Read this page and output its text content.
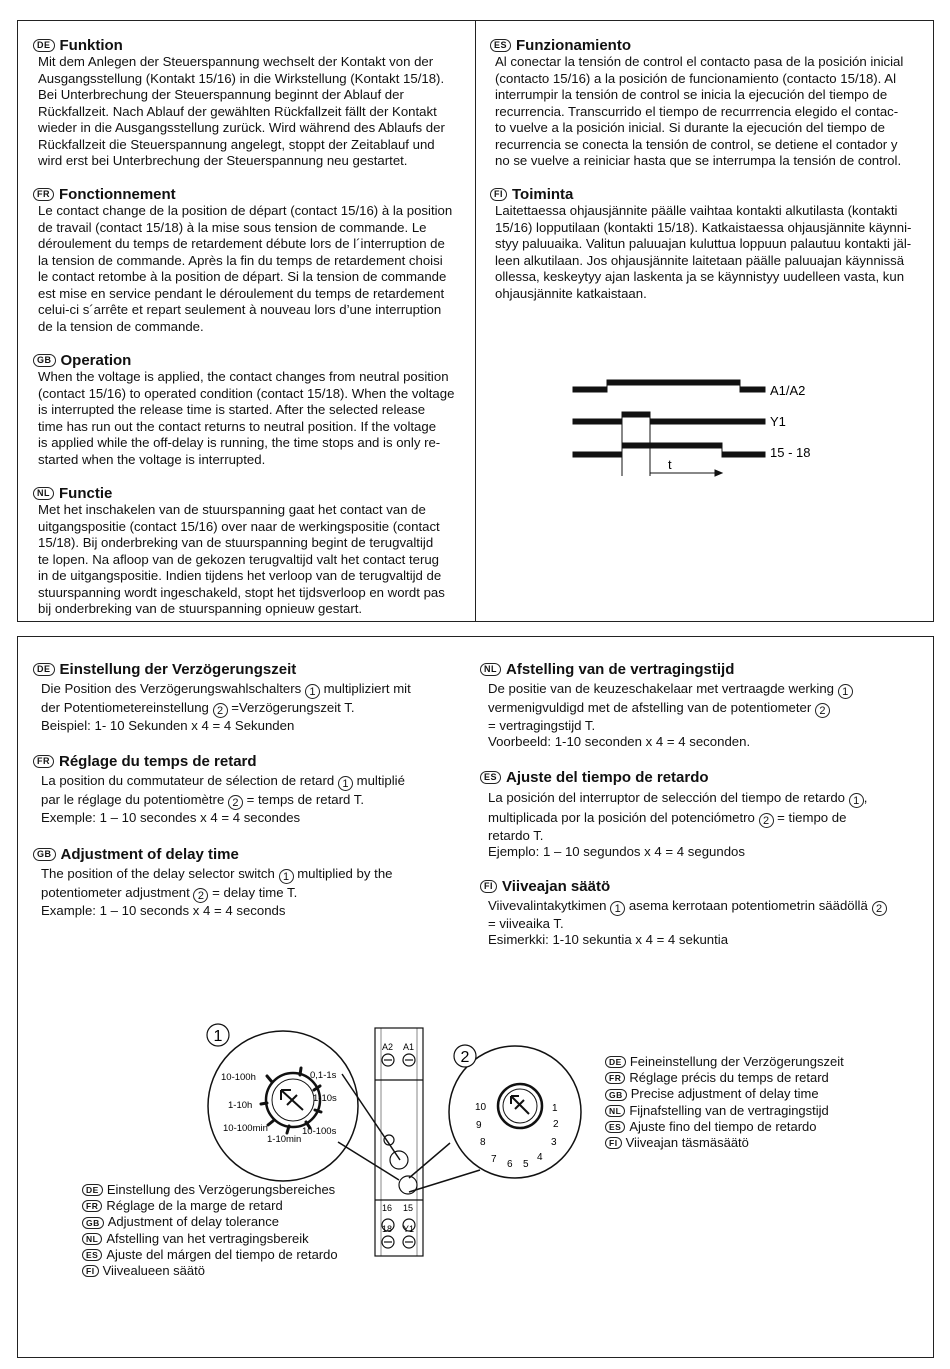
DE Funktion
Mit dem Anlegen der Steuerspannung wechselt der Kontakt von der
Ausgangsstellung (Kontakt 15/16) in die Wirkstellung (Kontakt 15/18).
Bei Unterbrechung der Steuerspannung beginnt der Ablauf der
Rückfallzeit. Nach Ablauf der gewählten Rückfallzeit fällt der Kontakt
wieder in die Ausgangsstellung zurück. Wird während des Ablaufs der
Rückfallzeit die Steuerspannung angelegt, stoppt der Zeitablauf und
wird erst bei Unterbrechung der Steuerspannung neu gestartet.
FR Fonctionnement
Le contact change de la position de départ (contact 15/16) à la position
de travail (contact 15/18) à la mise sous tension de commande. Le
déroulement du temps de retardement débute lors de l´interruption de
la tension de commande. Après la fin du temps de retardement choisi
le contact retombe à la position de départ. Si la tension de commande
est mise en service pendant le déroulement du temps de retardement
celui-ci s´arrête et repart seulement à nouveau lors d’une interruption
de la tension de commande.
GB Operation
When the voltage is applied, the contact changes from neutral position
(contact 15/16) to operated condition (contact 15/18). When the voltage
is interrupted the release time is started. After the selected release
time has run out the contact returns to neutral position. If the voltage
is applied while the off-delay is running, the time stops and is only re-
started when the voltage is interrupted.
NL Functie
Met het inschakelen van de stuurspanning gaat het contact van de
uitgangspositie (contact 15/16) over naar de werkingspositie (contact
15/18). Bij onderbreking van de stuurspanning begint de terugvaltijd
te lopen. Na afloop van de gekozen terugvaltijd valt het contact terug
in de uitgangspositie. Indien tijdens het verloop van de terugvaltijd de
stuurspanning wordt ingeschakeld, stopt het tijdsverloop en wordt pas
bij onderbreking van de stuurspanning opnieuw gestart.
ES Funzionamiento
Al conectar la tensión de control el contacto pasa de la posición inicial
(contacto 15/16) a la posición de funcionamiento (contacto 15/18). Al
interrumpir la tensión de control se inicia la ejecución del tiempo de
recurrencia. Transcurrido el tiempo de recurrrencia elegido el contac-
to vuelve a la posición inicial. Si durante la ejecución del tiempo de
recurrencia se conecta la tensión de control, se detiene el contador y
no se vuelve a reiniciar hasta que se interrumpa la tensión de control.
FI Toiminta
Laitettaessa ohjausjännite päälle vaihtaa kontakti alkutilasta (kontakti
15/16) lopputilaan (kontakti 15/18). Katkaistaessa ohjausjännite käynni-
styy paluuaika. Valitun paluuajan kuluttua loppuun palautuu kontakti jäl-
leen alkutilaan. Jos ohjausjännite laitetaan päälle paluuajan käynnissä
ollessa, keskeytyy ajan laskenta ja se käynnistyy uudelleen vasta, kun
ohjausjännite katkaistaan.
A1/A2
Y1
15 - 18
t
DE Einstellung der Verzögerungszeit
Die Position des Verzögerungswahlschalters 1 multipliziert mit
der Potentiometereinstellung 2 =Verzögerungszeit T.
Beispiel: 1- 10 Sekunden x 4 = 4 Sekunden
FR Réglage du temps de retard
La position du commutateur de sélection de retard 1 multiplié
par le réglage du potentiomètre 2 = temps de retard T.
Exemple: 1 – 10 secondes x 4 = 4 secondes
GB Adjustment of delay time
The position of the delay selector switch 1 multiplied by the
potentiometer adjustment 2 = delay time T.
Example: 1 – 10 seconds x 4 = 4 seconds
NL Afstelling van de vertragingstijd
De positie van de keuzeschakelaar met vertraagde werking 1
vermenigvuldigd met de afstelling van de potentiometer 2
= vertragingstijd T.
Voorbeeld: 1-10 seconden x 4 = 4 seconden.
ES Ajuste del tiempo de retardo
La posición del interruptor de selección del tiempo de retardo 1 ,
multiplicada por la posición del potenciómetro 2 = tiempo de
retardo T.
Ejemplo: 1 – 10 segundos x 4 = 4 segundos
FI Viiveajan säätö
Viivevalintakytkimen 1 asema kerrotaan potentiometrin säädöllä 2
= viiveaika T.
Esimerkki: 1-10 sekuntia x 4 = 4 sekuntia
10-100h	0,1-1s
1-10h
1-10s
10-100min	10-100s
1-10min
1
A2 A1
16 15
18 Y1
10	1
9	2
8	3
7 6 5
4
2
DE Einstellung des Verzögerungsbereiches
FR Réglage de la marge de retard
GB Adjustment of delay tolerance
NL Afstelling van het vertragingsbereik
ES Ajuste del márgen del tiempo de retardo
FI Viivealueen säätö
DE Feineinstellung der Verzögerungszeit
FR Réglage précis du temps de retard
GB Precise adjustment of delay time
NL Fijnafstelling van de vertragingstijd
ES Ajuste fino del tiempo de retardo
FI Viiveajan täsmäsäätö
